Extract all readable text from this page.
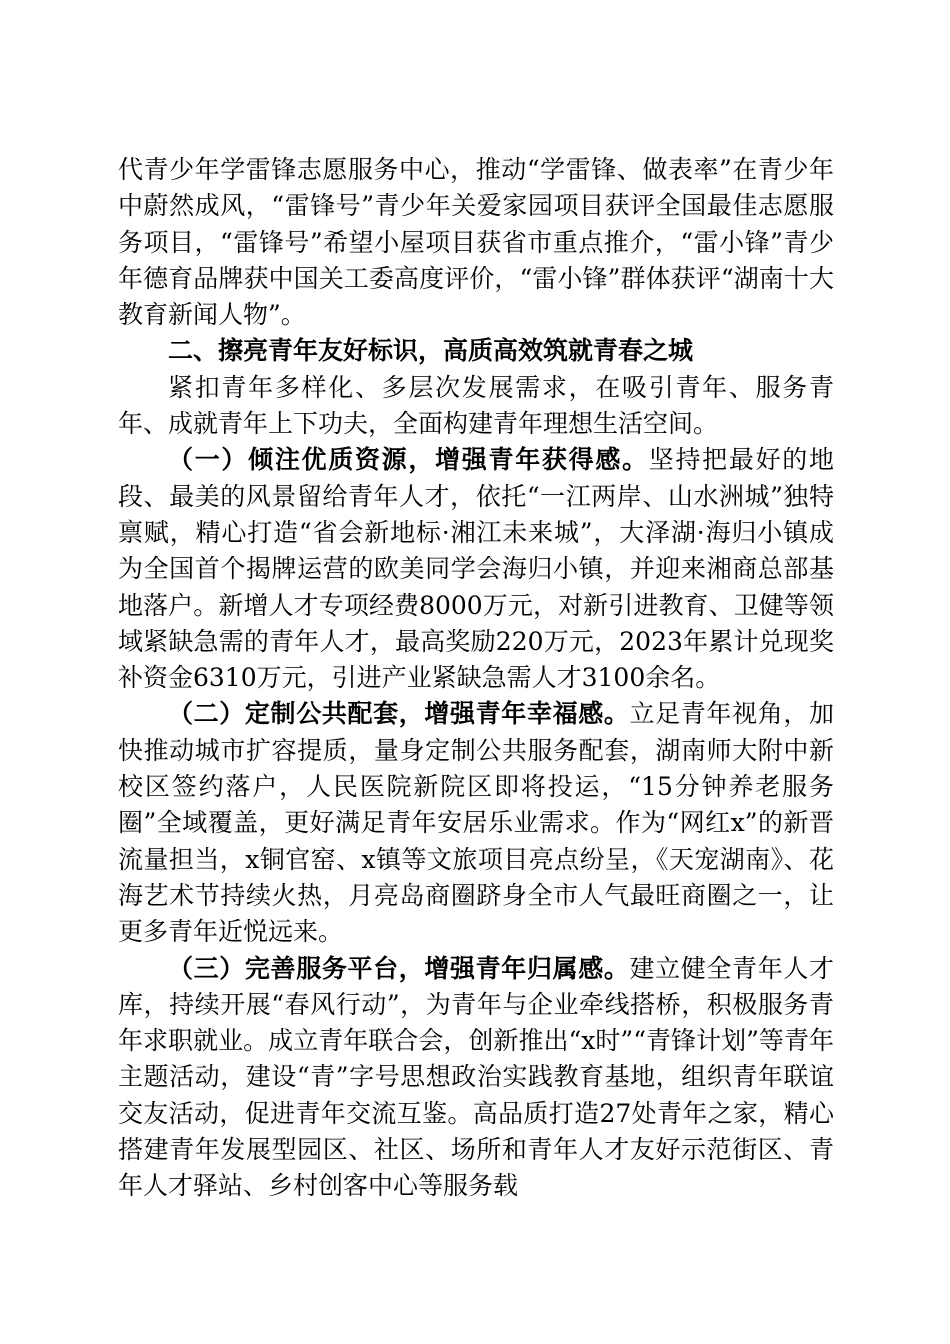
代青少年学雷锋志愿服务中心，推动“学雷锋、做表率”在青少年中蔚然成风，“雷锋号”青少年关爱家园项目获评全国最佳志愿服务项目，“雷锋号”希望小屋项目获省市重点推介，“雷小锋”青少年德育品牌获中国关工委高度评价，“雷小锋”群体获评“湖南十大教育新闻人物”。

二、擦亮青年友好标识，高质高效筑就青春之城

紧扣青年多样化、多层次发展需求，在吸引青年、服务青年、成就青年上下功夫，全面构建青年理想生活空间。

（一）倾注优质资源，增强青年获得感。坚持把最好的地段、最美的风景留给青年人才，依托“一江两岸、山水洲城”独特禀赋，精心打造“省会新地标·湘江未来城”，大泽湖·海归小镇成为全国首个揭牌运营的欧美同学会海归小镇，并迎来湘商总部基地落户。新增人才专项经费8000万元，对新引进教育、卫健等领域紧缺急需的青年人才，最高奖励220万元，2023年累计兑现奖补资金6310万元，引进产业紧缺急需人才3100余名。

（二）定制公共配套，增强青年幸福感。立足青年视角，加快推动城市扩容提质，量身定制公共服务配套，湖南师大附中新校区签约落户，人民医院新院区即将投运，“15分钟养老服务圈”全域覆盖，更好满足青年安居乐业需求。作为“网红x”的新晋流量担当，x铜官窑、x镇等文旅项目亮点纷呈，《天宠湖南》、花海艺术节持续火热，月亮岛商圈跻身全市人气最旺商圈之一，让更多青年近悦远来。

（三）完善服务平台，增强青年归属感。建立健全青年人才库，持续开展“春风行动”，为青年与企业牵线搭桥，积极服务青年求职就业。成立青年联合会，创新推出“x时”“青锋计划”等青年主题活动，建设“青”字号思想政治实践教育基地，组织青年联谊交友活动，促进青年交流互鉴。高品质打造27处青年之家，精心搭建青年发展型园区、社区、场所和青年人才友好示范街区、青年人才驿站、乡村创客中心等服务载
